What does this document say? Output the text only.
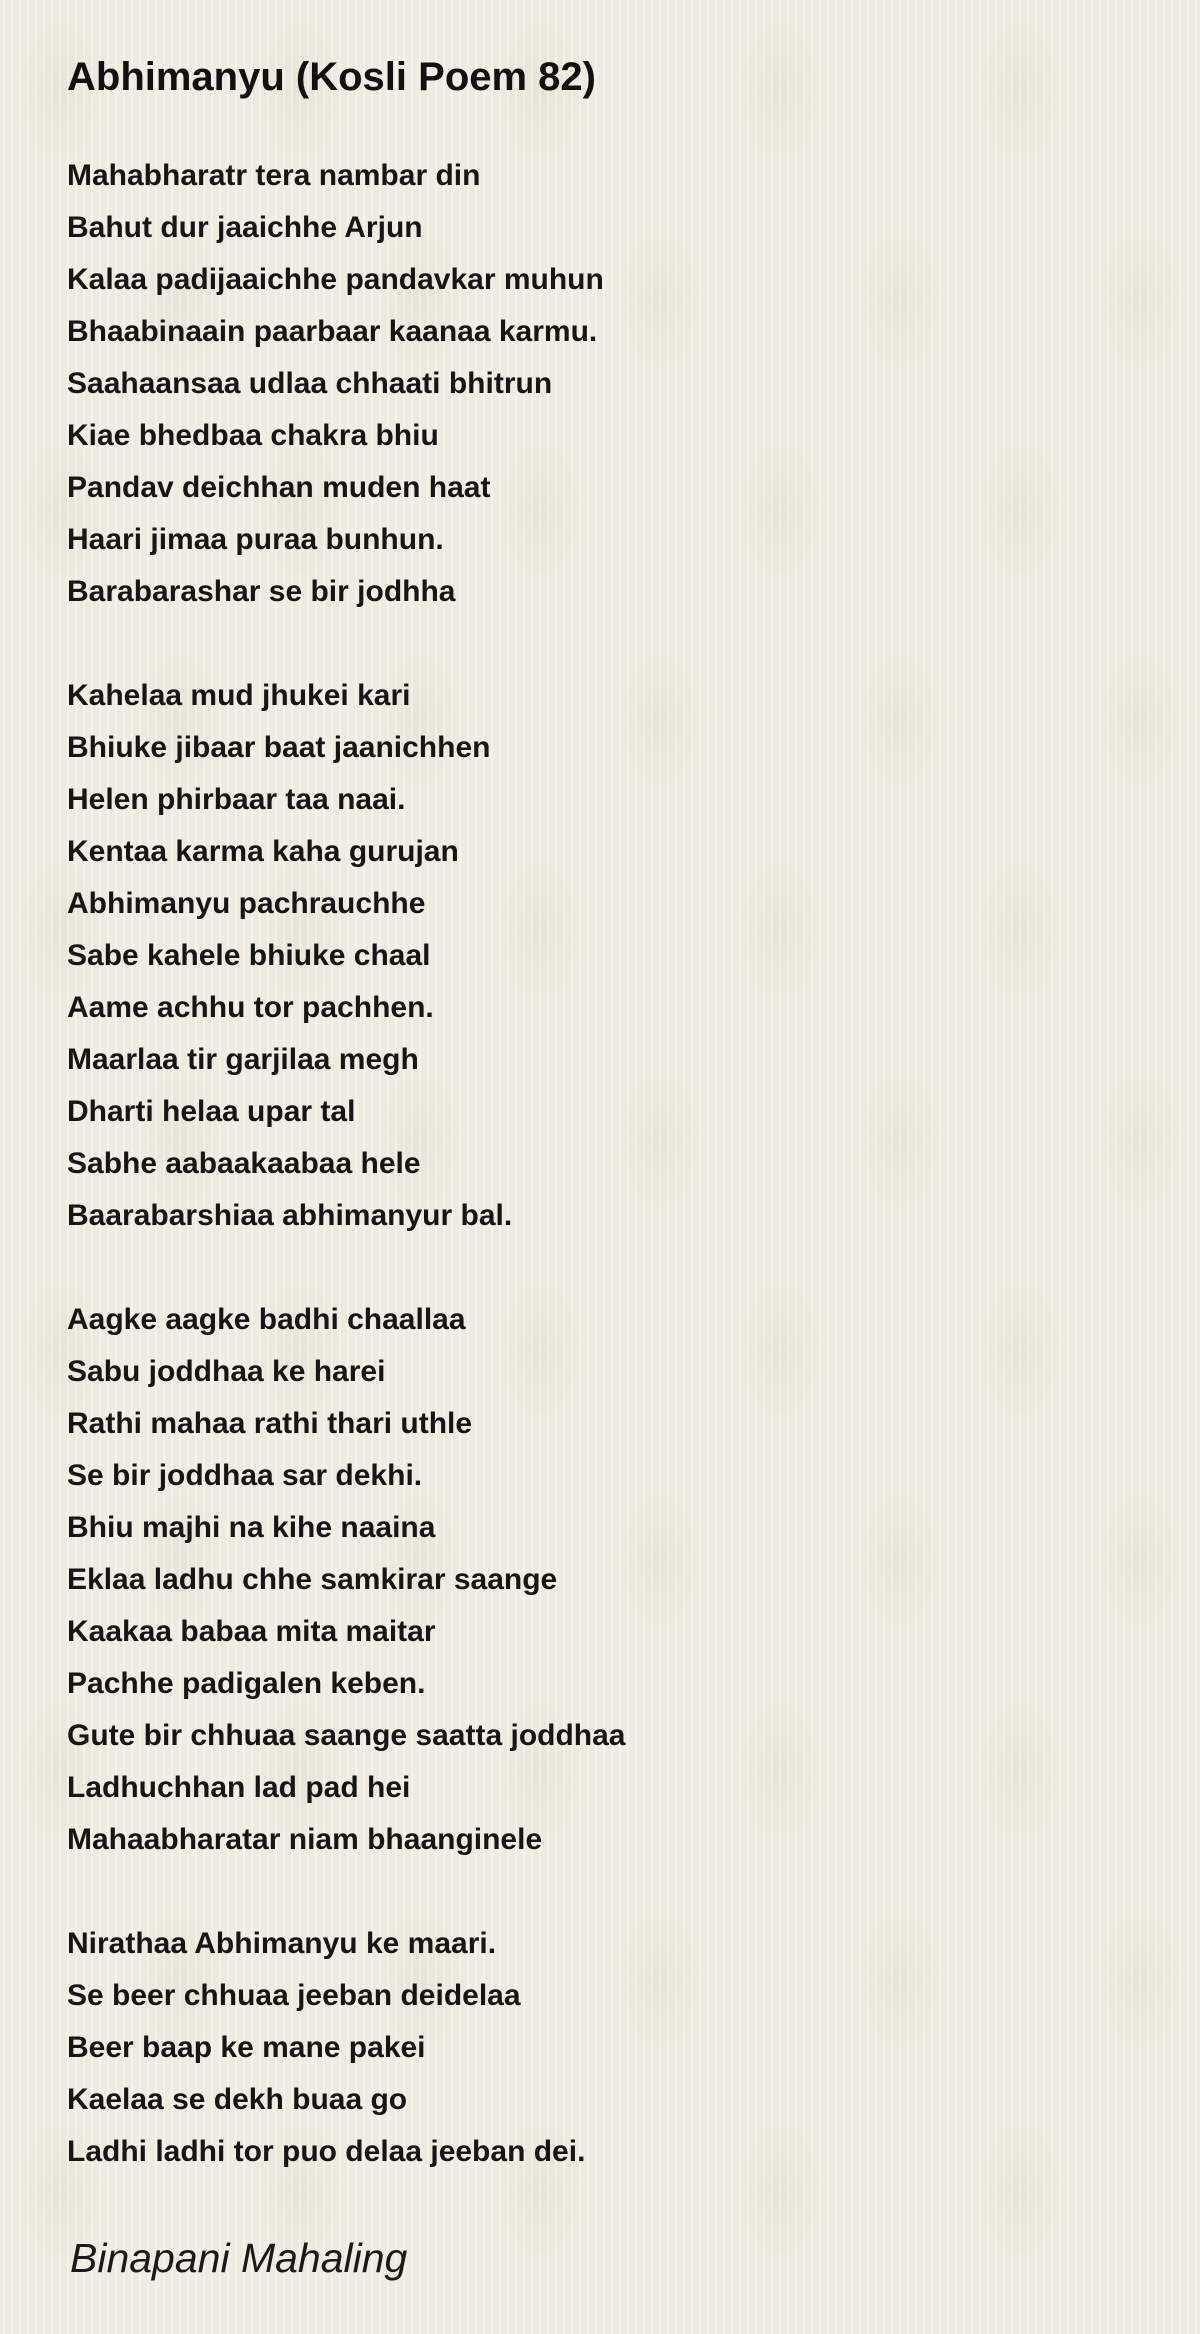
Abhimanyu (Kosli Poem 82)
Mahabharatr tera nambar din
Bahut dur jaaichhe Arjun
Kalaa padijaaichhe pandavkar muhun
Bhaabinaain paarbaar kaanaa karmu.
Saahaansaa udlaa chhaati bhitrun
Kiae bhedbaa chakra bhiu
Pandav deichhan muden haat
Haari jimaa puraa bunhun.
Barabarashar se bir jodhha
Kahelaa mud jhukei kari
Bhiuke jibaar baat jaanichhen
Helen phirbaar taa naai.
Kentaa karma kaha gurujan
Abhimanyu pachrauchhe
Sabe kahele bhiuke chaal
Aame achhu tor pachhen.
Maarlaa tir garjilaa megh
Dharti helaa upar tal
Sabhe aabaakaabaa hele
Baarabarshiaa abhimanyur bal.
Aagke aagke badhi chaallaa
Sabu joddhaa ke harei
Rathi mahaa rathi thari uthle
Se bir joddhaa sar dekhi.
Bhiu majhi na kihe naaina
Eklaa ladhu chhe samkirar saange
Kaakaa babaa mita maitar
Pachhe padigalen keben.
Gute bir chhuaa saange saatta joddhaa
Ladhuchhan lad pad hei
Mahaabharatar niam bhaanginele
Nirathaa Abhimanyu ke maari.
Se beer chhuaa jeeban deidelaa
Beer baap ke mane pakei
Kaelaa se dekh buaa go
Ladhi ladhi tor puo delaa jeeban dei.
Binapani Mahaling
